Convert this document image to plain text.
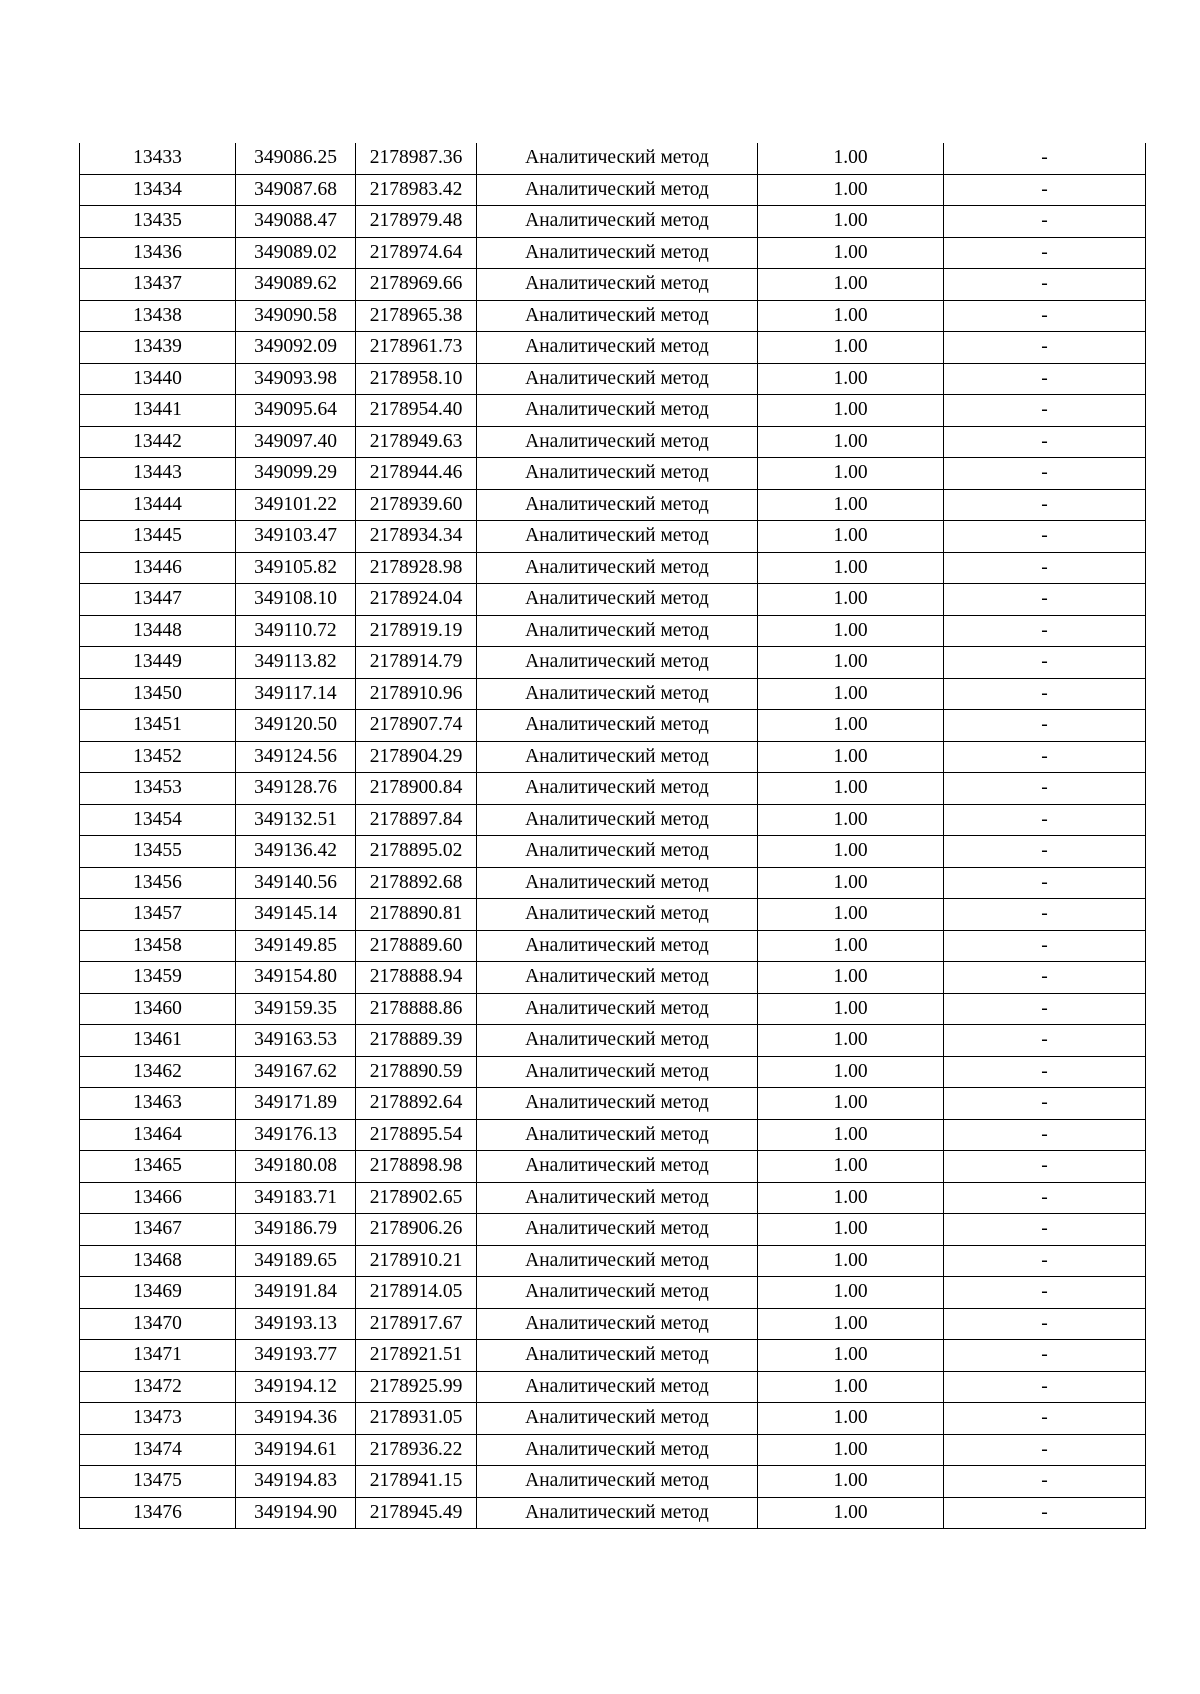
13433	349086.25	2178987.36	Аналитический метод	1.00	-
13434	349087.68	2178983.42	Аналитический метод	1.00	-
13435	349088.47	2178979.48	Аналитический метод	1.00	-
13436	349089.02	2178974.64	Аналитический метод	1.00	-
13437	349089.62	2178969.66	Аналитический метод	1.00	-
13438	349090.58	2178965.38	Аналитический метод	1.00	-
13439	349092.09	2178961.73	Аналитический метод	1.00	-
13440	349093.98	2178958.10	Аналитический метод	1.00	-
13441	349095.64	2178954.40	Аналитический метод	1.00	-
13442	349097.40	2178949.63	Аналитический метод	1.00	-
13443	349099.29	2178944.46	Аналитический метод	1.00	-
13444	349101.22	2178939.60	Аналитический метод	1.00	-
13445	349103.47	2178934.34	Аналитический метод	1.00	-
13446	349105.82	2178928.98	Аналитический метод	1.00	-
13447	349108.10	2178924.04	Аналитический метод	1.00	-
13448	349110.72	2178919.19	Аналитический метод	1.00	-
13449	349113.82	2178914.79	Аналитический метод	1.00	-
13450	349117.14	2178910.96	Аналитический метод	1.00	-
13451	349120.50	2178907.74	Аналитический метод	1.00	-
13452	349124.56	2178904.29	Аналитический метод	1.00	-
13453	349128.76	2178900.84	Аналитический метод	1.00	-
13454	349132.51	2178897.84	Аналитический метод	1.00	-
13455	349136.42	2178895.02	Аналитический метод	1.00	-
13456	349140.56	2178892.68	Аналитический метод	1.00	-
13457	349145.14	2178890.81	Аналитический метод	1.00	-
13458	349149.85	2178889.60	Аналитический метод	1.00	-
13459	349154.80	2178888.94	Аналитический метод	1.00	-
13460	349159.35	2178888.86	Аналитический метод	1.00	-
13461	349163.53	2178889.39	Аналитический метод	1.00	-
13462	349167.62	2178890.59	Аналитический метод	1.00	-
13463	349171.89	2178892.64	Аналитический метод	1.00	-
13464	349176.13	2178895.54	Аналитический метод	1.00	-
13465	349180.08	2178898.98	Аналитический метод	1.00	-
13466	349183.71	2178902.65	Аналитический метод	1.00	-
13467	349186.79	2178906.26	Аналитический метод	1.00	-
13468	349189.65	2178910.21	Аналитический метод	1.00	-
13469	349191.84	2178914.05	Аналитический метод	1.00	-
13470	349193.13	2178917.67	Аналитический метод	1.00	-
13471	349193.77	2178921.51	Аналитический метод	1.00	-
13472	349194.12	2178925.99	Аналитический метод	1.00	-
13473	349194.36	2178931.05	Аналитический метод	1.00	-
13474	349194.61	2178936.22	Аналитический метод	1.00	-
13475	349194.83	2178941.15	Аналитический метод	1.00	-
13476	349194.90	2178945.49	Аналитический метод	1.00	-
